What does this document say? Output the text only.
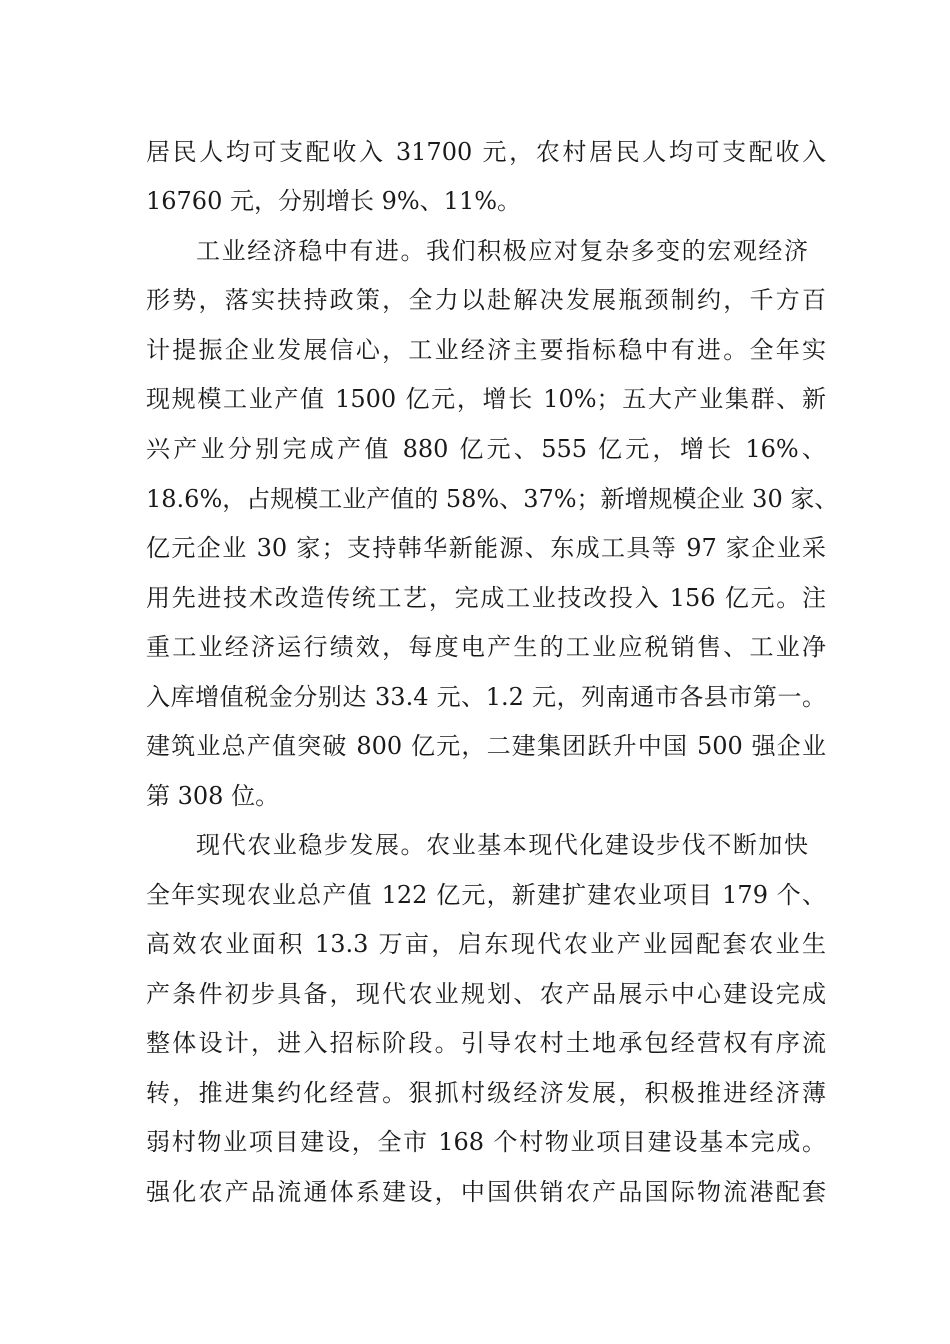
居民人均可支配收入 31700 元，农村居民人均可支配收入
16760 元，分别增长 9%、11%。
工业经济稳中有进。我们积极应对复杂多变的宏观经济
形势，落实扶持政策，全力以赴解决发展瓶颈制约，千方百
计提振企业发展信心，工业经济主要指标稳中有进。全年实
现规模工业产值 1500 亿元，增长 10%；五大产业集群、新
兴产业分别完成产值 880 亿元、555 亿元，增长 16%、
18.6%，占规模工业产值的 58%、37%；新增规模企业 30 家、
亿元企业 30 家；支持韩华新能源、东成工具等 97 家企业采
用先进技术改造传统工艺，完成工业技改投入 156 亿元。注
重工业经济运行绩效，每度电产生的工业应税销售、工业净
入库增值税金分别达 33.4 元、1.2 元，列南通市各县市第一。
建筑业总产值突破 800 亿元，二建集团跃升中国 500 强企业
第 308 位。
现代农业稳步发展。农业基本现代化建设步伐不断加快
全年实现农业总产值 122 亿元，新建扩建农业项目 179 个、
高效农业面积 13.3 万亩，启东现代农业产业园配套农业生
产条件初步具备，现代农业规划、农产品展示中心建设完成
整体设计，进入招标阶段。引导农村土地承包经营权有序流
转，推进集约化经营。狠抓村级经济发展，积极推进经济薄
弱村物业项目建设，全市 168 个村物业项目建设基本完成。
强化农产品流通体系建设，中国供销农产品国际物流港配套
